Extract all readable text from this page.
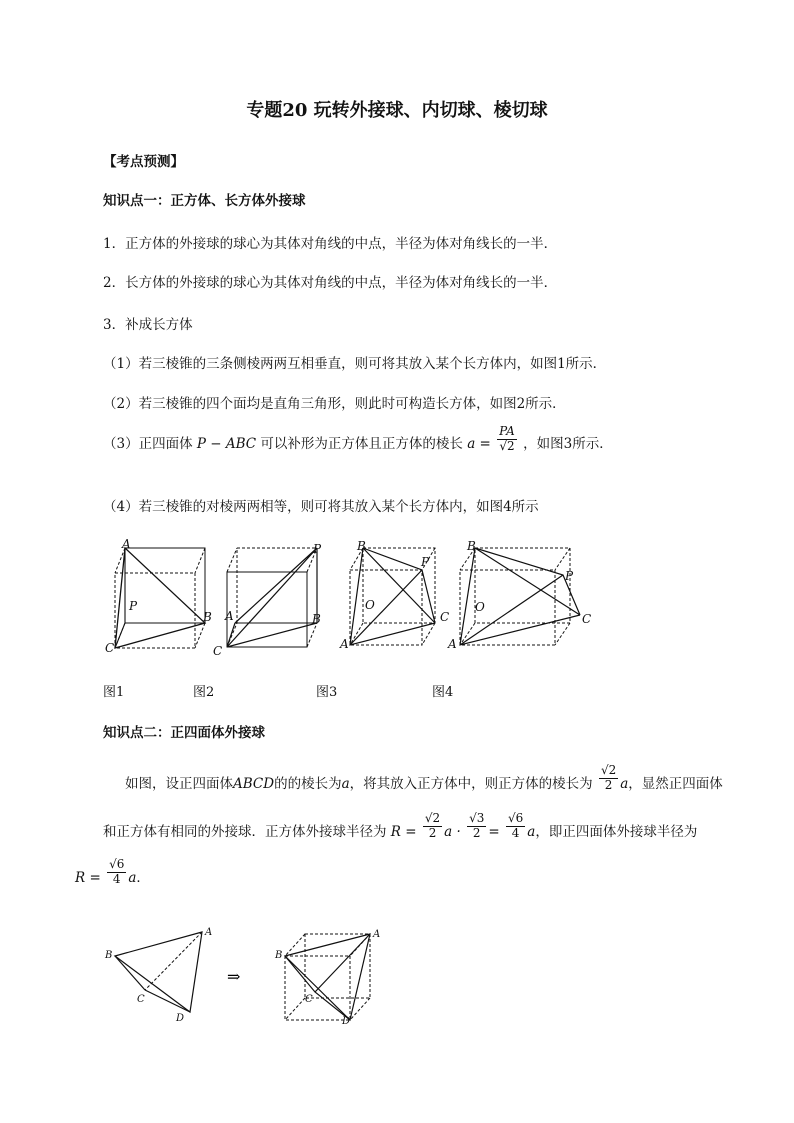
专题20 玩转外接球、内切球、棱切球
【考点预测】
知识点一：正方体、长方体外接球
1．正方体的外接球的球心为其体对角线的中点，半径为体对角线长的一半．
2．长方体的外接球的球心为其体对角线的中点，半径为体对角线长的一半．
3．补成长方体
（1）若三棱锥的三条侧棱两两互相垂直，则可将其放入某个长方体内，如图1所示．
（2）若三棱锥的四个面均是直角三角形，则此时可构造长方体，如图2所示．
（3）正四面体 P − ABC 可以补形为正方体且正方体的棱长 $a = \frac{PA}{√2}$ ，如图3所示．
（4）若三棱锥的对棱两两相等，则可将其放入某个长方体内，如图4所示
A
P
B
C
P
A	B
C
B
P
O
C
A
B
P
O
C
A
图1	图2	图3	图4
知识点二：正四面体外接球
如图，设正四面体ABCD的的棱长为a，将其放入正方体中，则正方体的棱长为 $\frac{√2}{2}$ a，显然正四面体
和正方体有相同的外接球．正方体外接球半径为 $R = \frac{√2}{2}$ $a \cdot \frac{√3}{2} = \frac{√6}{4}$ a，即正四面体外接球半径为
$R = \frac{√6}{4}$ a．
⇒
A
B
C
D
A
B
C
D
